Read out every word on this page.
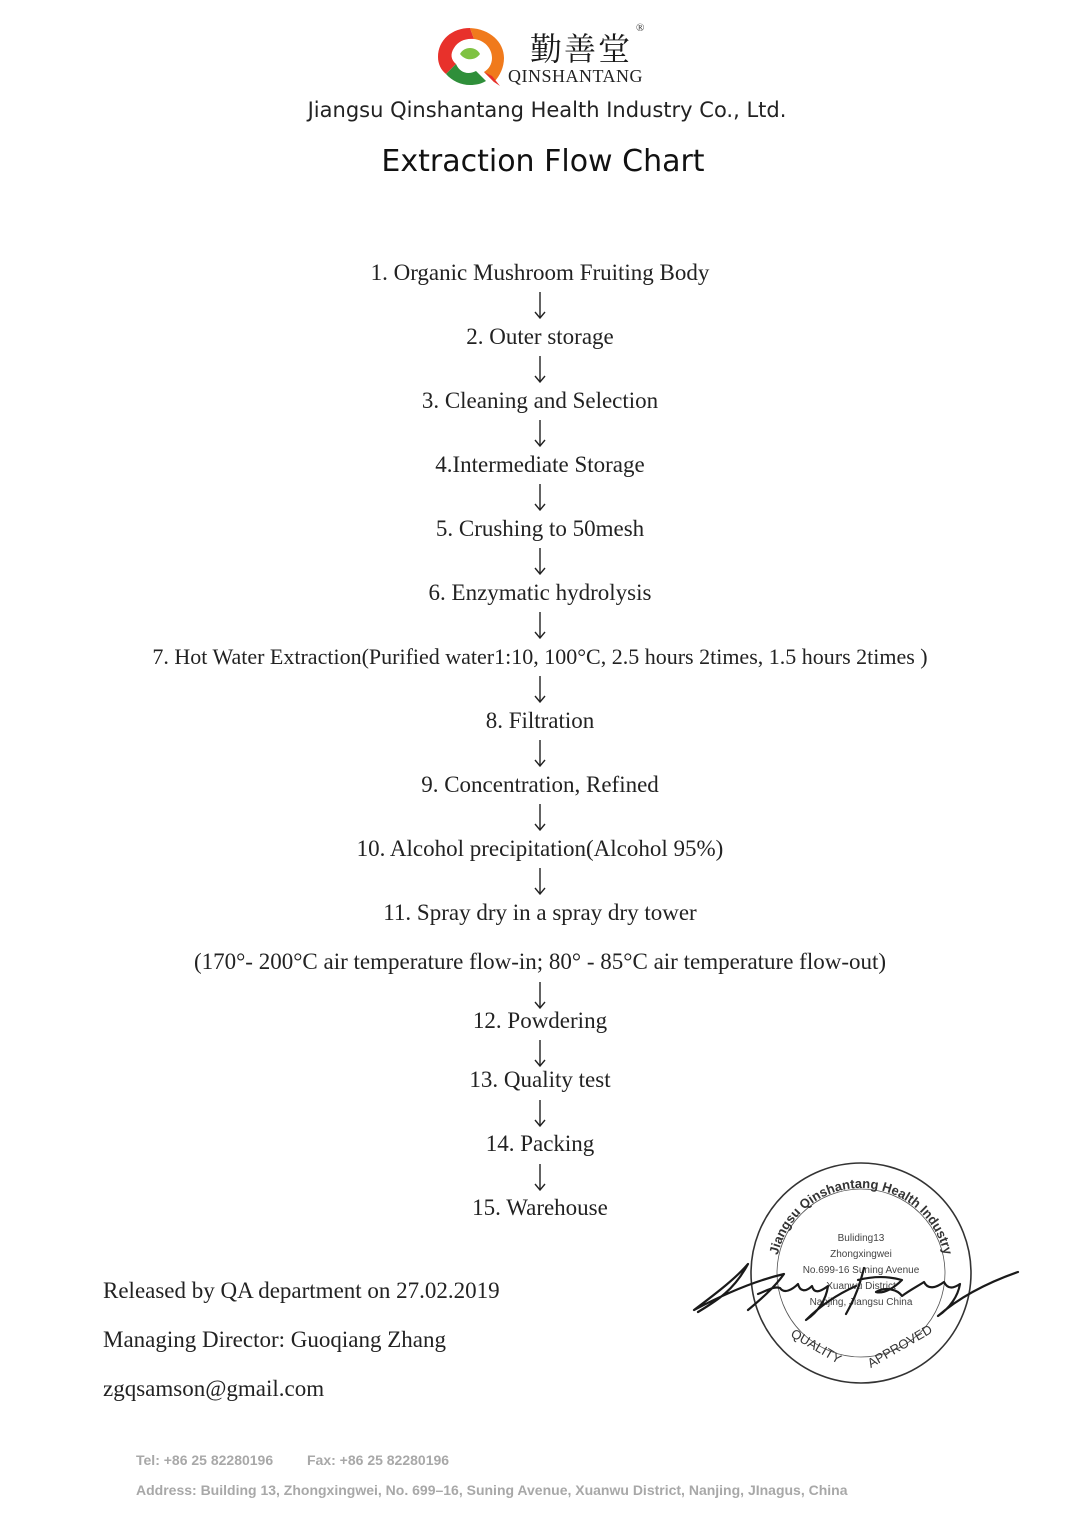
勤善堂
®
QINSHANTANG
Jiangsu Qinshantang Health Industry Co., Ltd.
Extraction Flow Chart
1. Organic Mushroom Fruiting Body
2. Outer storage
3. Cleaning and Selection
4.Intermediate Storage
5. Crushing to 50mesh
6. Enzymatic hydrolysis
7. Hot Water Extraction(Purified water1:10, 100°C, 2.5 hours 2times, 1.5 hours 2times )
8. Filtration
9. Concentration, Refined
10. Alcohol precipitation(Alcohol 95%)
11. Spray dry in a spray dry tower
(170°- 200°C air temperature flow-in; 80° - 85°C air temperature flow-out)
12. Powdering
13. Quality test
14. Packing
15. Warehouse
Released by QA department on 27.02.2019
Managing Director: Guoqiang Zhang
zgqsamson@gmail.com
Jiangsu Qinshantang Health Industry
Buliding13
Zhongxingwei
No.699-16 Suning Avenue
Xuanwu District
Nanjing, Jiangsu China
QUALITY APPROVED
Tel: +86 25 82280196 Fax: +86 25 82280196
Address: Building 13, Zhongxingwei, No. 699–16, Suning Avenue, Xuanwu District, Nanjing, JInagus, China
